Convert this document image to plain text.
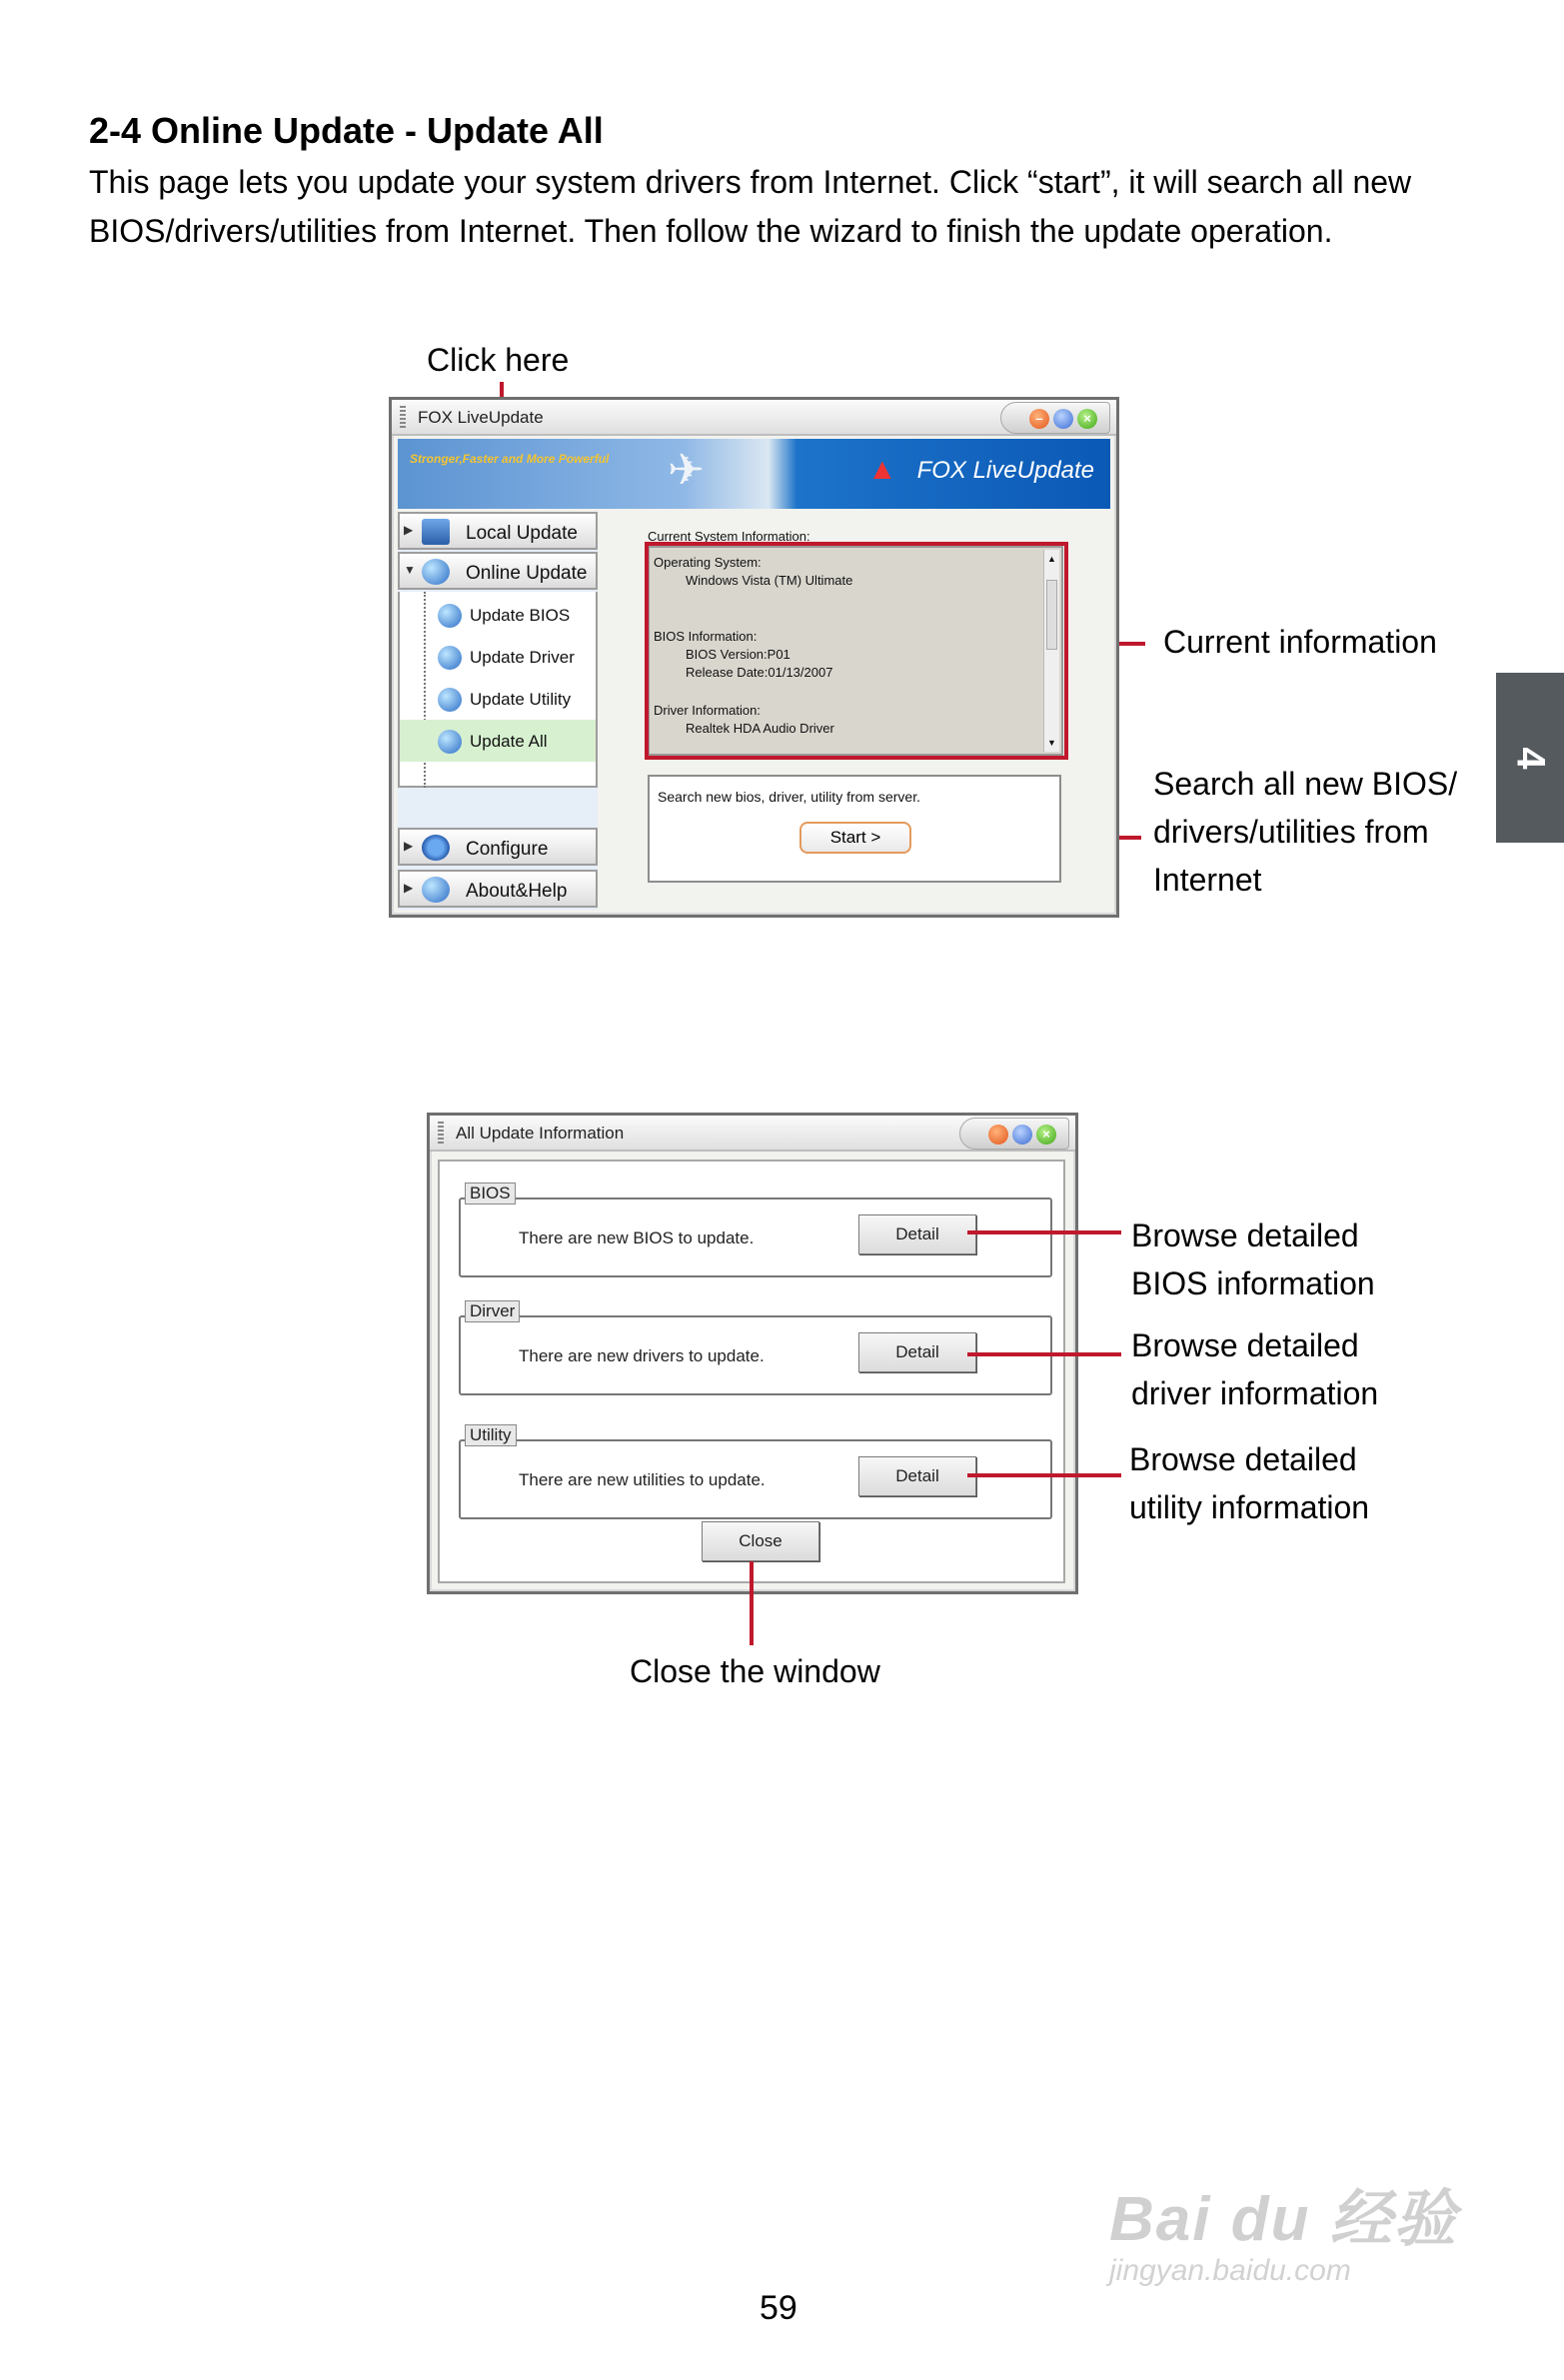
2-4 Online Update - Update All
This page lets you update your system drivers from Internet. Click “start”, it will search all new BIOS/drivers/utilities from Internet. Then follow the wizard to finish the update operation.
4
Click here
Current information
Search all new BIOS/
drivers/utilities from
Internet
FOX LiveUpdate	–	×
Stronger,Faster and More Powerful ✈	▲ FOX LiveUpdate
▶	Local Update
▼	Online Update
Update BIOS
Update Driver
Update Utility
Update All
▶	Configure
▶	About&Help
Current System Information:
Operating System:
Windows Vista (TM) Ultimate
BIOS Information:
BIOS Version:P01
Release Date:01/13/2007
Driver Information:
Realtek HDA Audio Driver
▲
▼
Search new bios, driver, utility from server.
Start >
All Update Information	×
BIOS
There are new BIOS to update.	Detail
Dirver
There are new drivers to update.	Detail
Utility
There are new utilities to update.	Detail
Close
Browse detailed
BIOS information
Browse detailed
driver information
Browse detailed
utility information
Close the window
59
Bai du 经验
jingyan.baidu.com
